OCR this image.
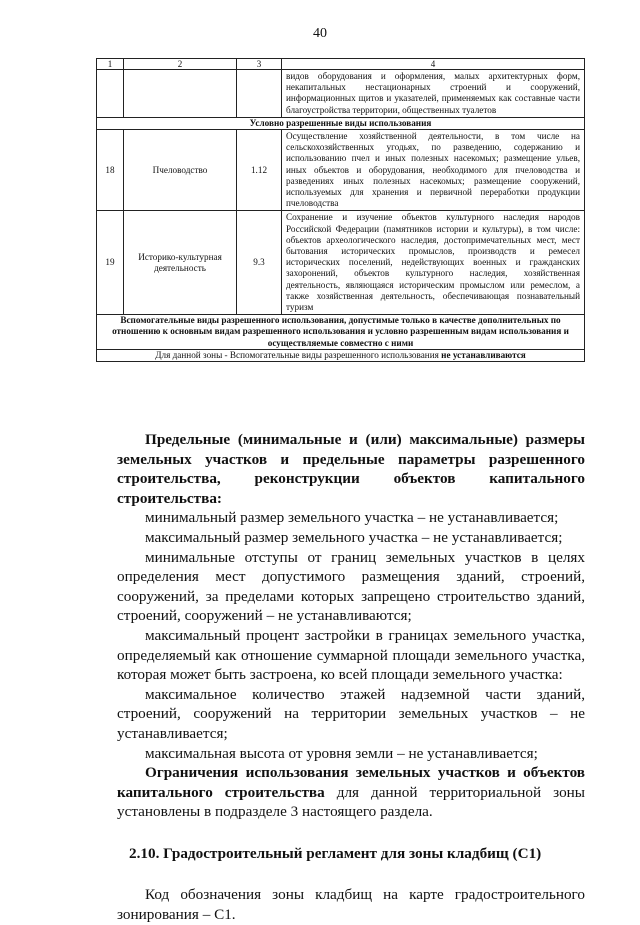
40
1	2	3	4
			видов оборудования и оформления, малых архитектурных форм, некапитальных нестационарных строений и сооружений, информационных щитов и указателей, применяемых как составные части благоустройства территории, общественных туалетов
Условно разрешенные виды использования			
18	Пчеловодство	1.12	Осуществление хозяйственной деятельности, в том числе на сельскохозяйственных угодьях, по разведению, содержанию и использованию пчел и иных полезных насекомых; размещение ульев, иных объектов и оборудования, необходимого для пчеловодства и разведениях иных полезных насекомых; размещение сооружений, используемых для хранения и первичной переработки продукции пчеловодства
19	Историко-культурная деятельность	9.3	Сохранение и изучение объектов культурного наследия народов Российской Федерации (памятников истории и культуры), в том числе: объектов археологического наследия, достопримечательных мест, мест бытования исторических промыслов, производств и ремесел исторических поселений, недействующих военных и гражданских захоронений, объектов культурного наследия, хозяйственная деятельность, являющаяся историческим промыслом или ремеслом, а также хозяйственная деятельность, обеспечивающая познавательный туризм
Вспомогательные виды разрешенного использования, допустимые только в качестве дополнительных по отношению к основным видам разрешенного использования и условно разрешенным видам использования и осуществляемые совместно с ними			
Для данной зоны - Вспомогательные виды разрешенного использования не устанавливаются			

Предельные (минимальные и (или) максимальные) размеры земельных участков и предельные параметры разрешенного строительства, реконструкции объектов капитального строительства:

минимальный размер земельного участка – не устанавливается;

максимальный размер земельного участка – не устанавливается;

минимальные отступы от границ земельных участков в целях определения мест допустимого размещения зданий, строений, сооружений, за пределами которых запрещено строительство зданий, строений, сооружений – не устанавливаются;

максимальный процент застройки в границах земельного участка, определяемый как отношение суммарной площади земельного участка, которая может быть застроена, ко всей площади земельного участка:

максимальное количество этажей надземной части зданий, строений, сооружений на территории земельных участков – не устанавливается;

максимальная высота от уровня земли – не устанавливается;

Ограничения использования земельных участков и объектов капитального строительства для данной территориальной зоны установлены в подразделе 3 настоящего раздела.

2.10. Градостроительный регламент для зоны кладбищ (С1)

Код обозначения зоны кладбищ на карте градостроительного зонирования – С1.
